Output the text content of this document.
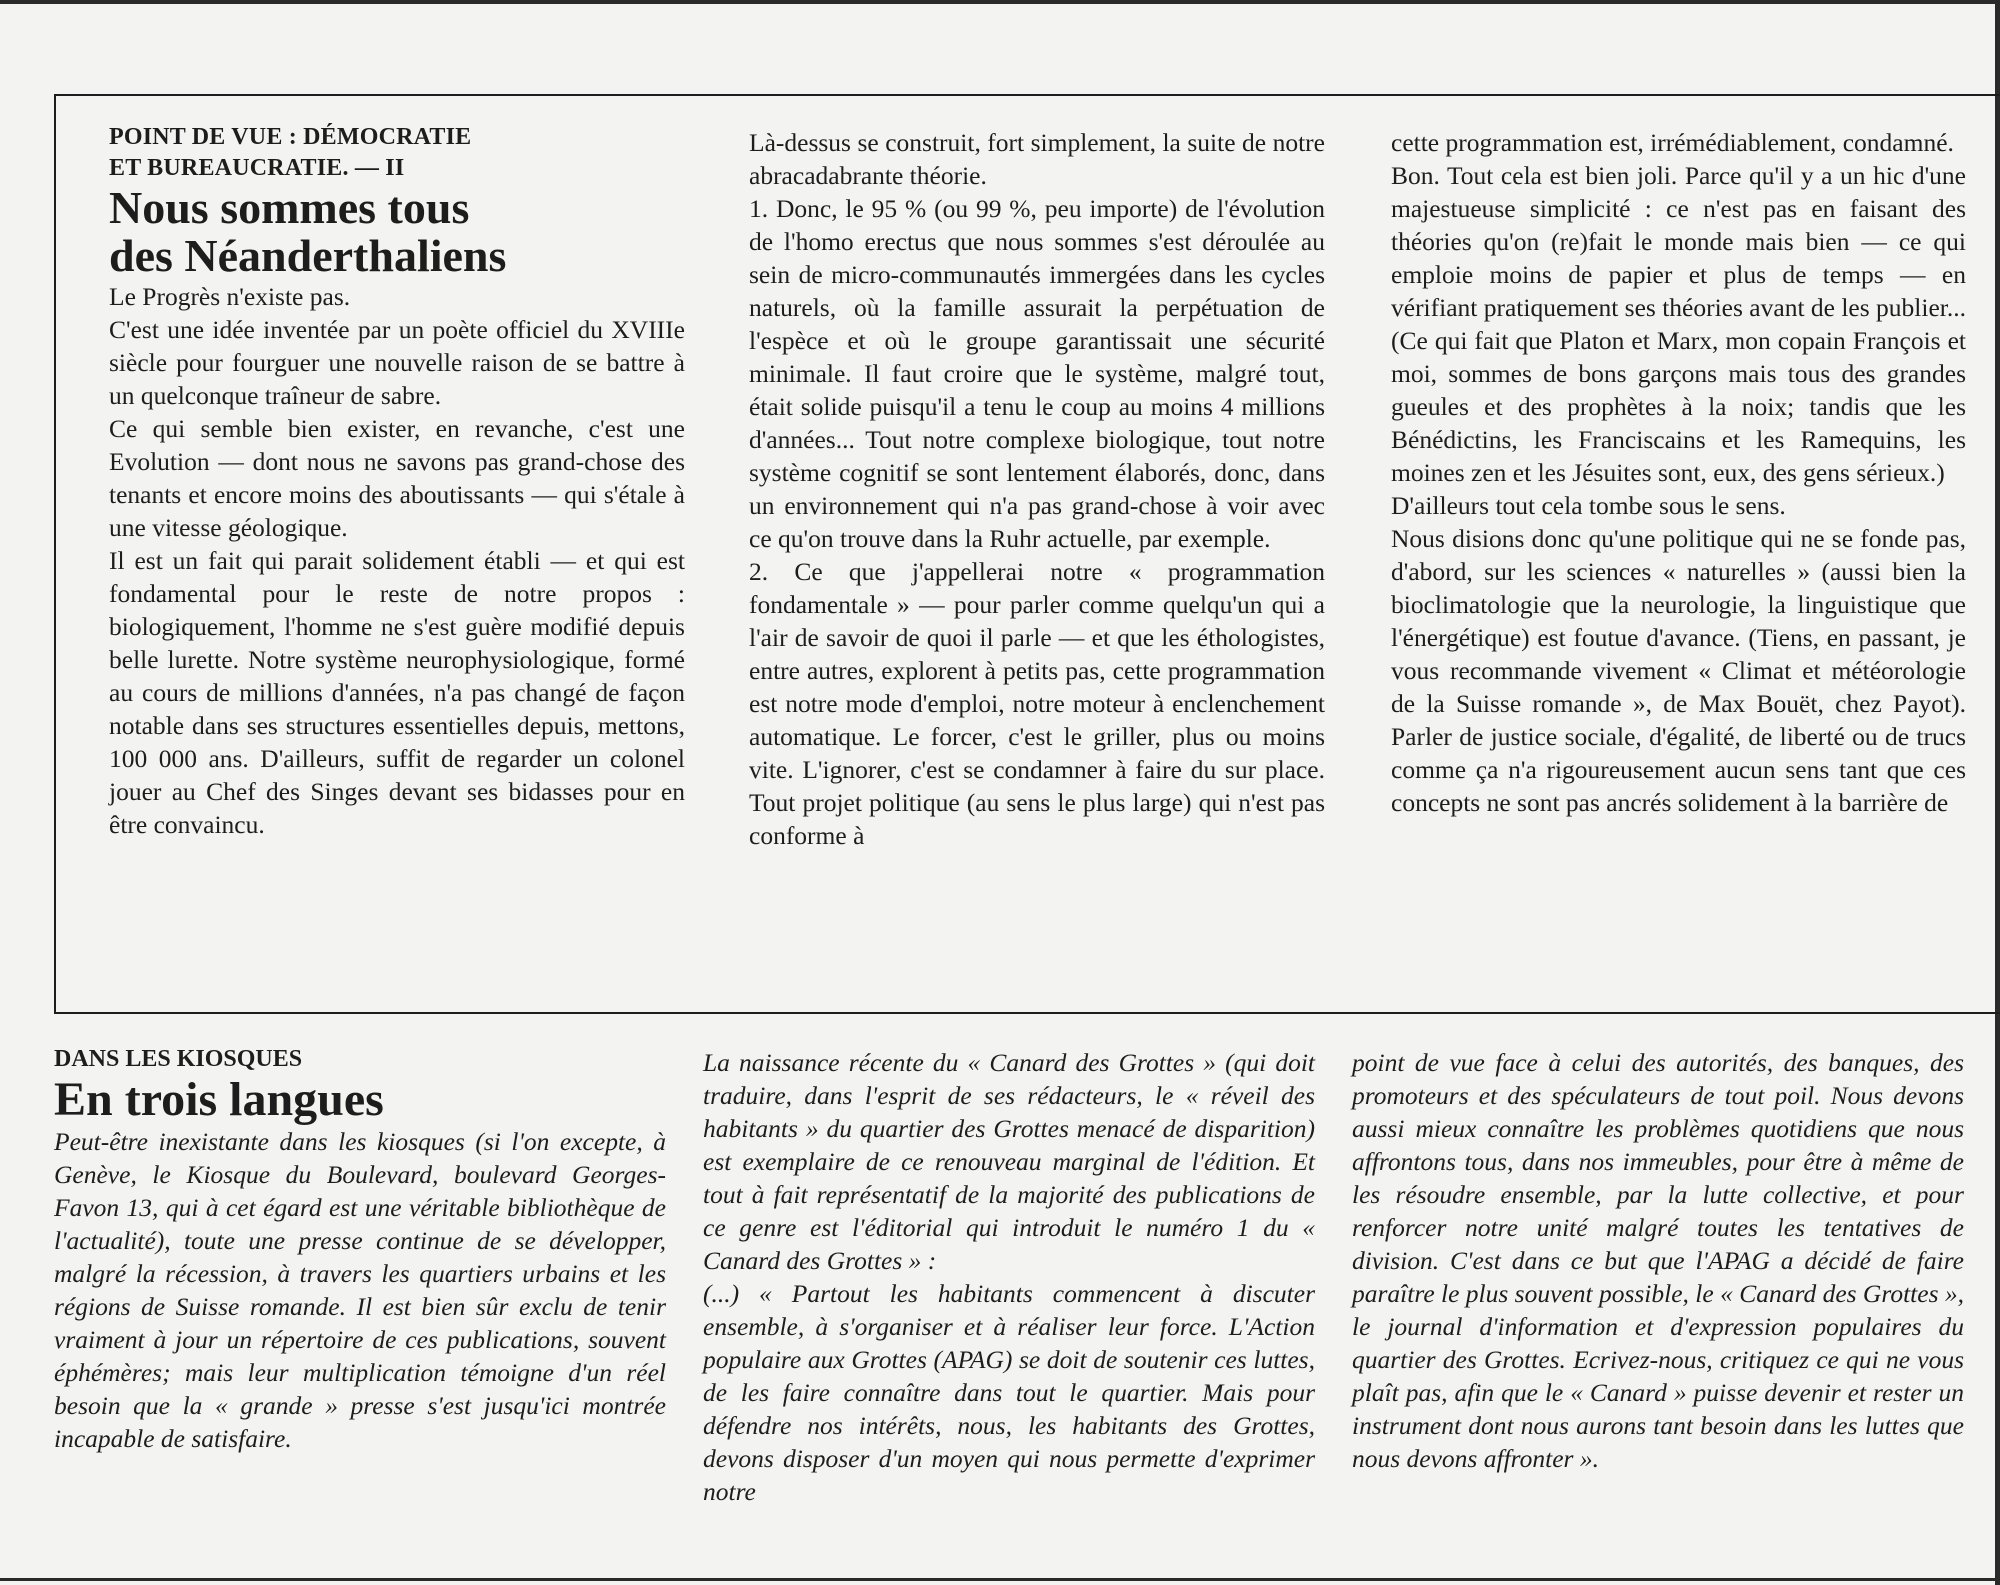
POINT DE VUE : DÉMOCRATIE
ET BUREAUCRATIE. — II

Nous sommes tous
des Néanderthaliens

Le Progrès n'existe pas.

C'est une idée inventée par un poète officiel du XVIIIe siècle pour fourguer une nouvelle raison de se battre à un quelconque traîneur de sabre.

Ce qui semble bien exister, en revanche, c'est une Evolution — dont nous ne savons pas grand-chose des tenants et encore moins des aboutissants — qui s'étale à une vitesse géologique.

Il est un fait qui parait solidement établi — et qui est fondamental pour le reste de notre propos : biologiquement, l'homme ne s'est guère modifié depuis belle lurette. Notre système neurophysiologique, formé au cours de millions d'années, n'a pas changé de façon notable dans ses structures essentielles depuis, mettons, 100 000 ans. D'ailleurs, suffit de regarder un colonel jouer au Chef des Singes devant ses bidasses pour en être convaincu.

Là-dessus se construit, fort simplement, la suite de notre abracadabrante théorie.

1. Donc, le 95 % (ou 99 %, peu importe) de l'évolution de l'homo erectus que nous sommes s'est déroulée au sein de micro-communautés immergées dans les cycles naturels, où la famille assurait la perpétuation de l'espèce et où le groupe garantissait une sécurité minimale. Il faut croire que le système, malgré tout, était solide puisqu'il a tenu le coup au moins 4 millions d'années... Tout notre complexe biologique, tout notre système cognitif se sont lentement élaborés, donc, dans un environnement qui n'a pas grand-chose à voir avec ce qu'on trouve dans la Ruhr actuelle, par exemple.

2. Ce que j'appellerai notre « programmation fondamentale » — pour parler comme quelqu'un qui a l'air de savoir de quoi il parle — et que les éthologistes, entre autres, explorent à petits pas, cette programmation est notre mode d'emploi, notre moteur à enclenchement automatique. Le forcer, c'est le griller, plus ou moins vite. L'ignorer, c'est se condamner à faire du sur place. Tout projet politique (au sens le plus large) qui n'est pas conforme à

cette programmation est, irrémédiablement, condamné.

Bon. Tout cela est bien joli. Parce qu'il y a un hic d'une majestueuse simplicité : ce n'est pas en faisant des théories qu'on (re)fait le monde mais bien — ce qui emploie moins de papier et plus de temps — en vérifiant pratiquement ses théories avant de les publier... (Ce qui fait que Platon et Marx, mon copain François et moi, sommes de bons garçons mais tous des grandes gueules et des prophètes à la noix; tandis que les Bénédictins, les Franciscains et les Ramequins, les moines zen et les Jésuites sont, eux, des gens sérieux.)

D'ailleurs tout cela tombe sous le sens.

Nous disions donc qu'une politique qui ne se fonde pas, d'abord, sur les sciences « naturelles » (aussi bien la bioclimatologie que la neurologie, la linguistique que l'énergétique) est foutue d'avance. (Tiens, en passant, je vous recommande vivement « Climat et météorologie de la Suisse romande », de Max Bouët, chez Payot). Parler de justice sociale, d'égalité, de liberté ou de trucs comme ça n'a rigoureusement aucun sens tant que ces concepts ne sont pas ancrés solidement à la barrière de

DANS LES KIOSQUES

En trois langues

Peut-être inexistante dans les kiosques (si l'on excepte, à Genève, le Kiosque du Boulevard, boulevard Georges-Favon 13, qui à cet égard est une véritable bibliothèque de l'actualité), toute une presse continue de se développer, malgré la récession, à travers les quartiers urbains et les régions de Suisse romande. Il est bien sûr exclu de tenir vraiment à jour un répertoire de ces publications, souvent éphémères; mais leur multiplication témoigne d'un réel besoin que la « grande » presse s'est jusqu'ici montrée incapable de satisfaire.

La naissance récente du « Canard des Grottes » (qui doit traduire, dans l'esprit de ses rédacteurs, le « réveil des habitants » du quartier des Grottes menacé de disparition) est exemplaire de ce renouveau marginal de l'édition. Et tout à fait représentatif de la majorité des publications de ce genre est l'éditorial qui introduit le numéro 1 du « Canard des Grottes » :

(...) « Partout les habitants commencent à discuter ensemble, à s'organiser et à réaliser leur force. L'Action populaire aux Grottes (APAG) se doit de soutenir ces luttes, de les faire connaître dans tout le quartier. Mais pour défendre nos intérêts, nous, les habitants des Grottes, devons disposer d'un moyen qui nous permette d'exprimer notre

point de vue face à celui des autorités, des banques, des promoteurs et des spéculateurs de tout poil. Nous devons aussi mieux connaître les problèmes quotidiens que nous affrontons tous, dans nos immeubles, pour être à même de les résoudre ensemble, par la lutte collective, et pour renforcer notre unité malgré toutes les tentatives de division. C'est dans ce but que l'APAG a décidé de faire paraître le plus souvent possible, le « Canard des Grottes », le journal d'information et d'expression populaires du quartier des Grottes. Ecrivez-nous, critiquez ce qui ne vous plaît pas, afin que le « Canard » puisse devenir et rester un instrument dont nous aurons tant besoin dans les luttes que nous devons affronter ».
